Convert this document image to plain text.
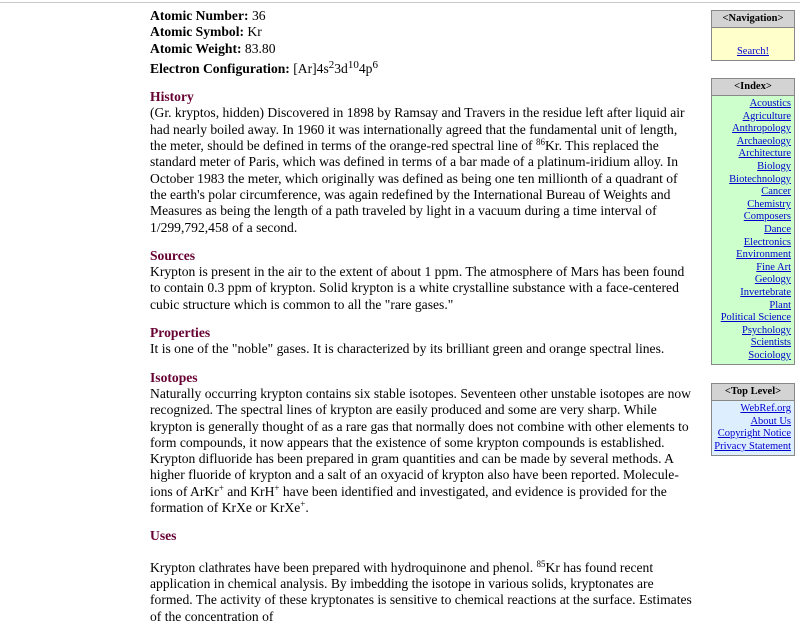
Atomic Number: 36
Atomic Symbol: Kr
Atomic Weight: 83.80
Electron Configuration: $[Ar]4s^23d^{10}4p^6$
History

(Gr. kryptos, hidden) Discovered in 1898 by Ramsay and Travers in the residue left after liquid air had nearly boiled away. In 1960 it was internationally agreed that the fundamental unit of length, the meter, should be defined in terms of the orange-red spectral line of $^{86}$Kr. This replaced the standard meter of Paris, which was defined in terms of a bar made of a platinum-iridium alloy. In October 1983 the meter, which originally was defined as being one ten millionth of a quadrant of the earth's polar circumference, was again redefined by the International Bureau of Weights and Measures as being the length of a path traveled by light in a vacuum during a time interval of 1/299,792,458 of a second.

Sources

Krypton is present in the air to the extent of about 1 ppm. The atmosphere of Mars has been found to contain 0.3 ppm of krypton. Solid krypton is a white crystalline substance with a face-centered cubic structure which is common to all the "rare gases."

Properties

It is one of the "noble" gases. It is characterized by its brilliant green and orange spectral lines.

Isotopes

Naturally occurring krypton contains six stable isotopes. Seventeen other unstable isotopes are now recognized. The spectral lines of krypton are easily produced and some are very sharp. While krypton is generally thought of as a rare gas that normally does not combine with other elements to form compounds, it now appears that the existence of some krypton compounds is established. Krypton difluoride has been prepared in gram quantities and can be made by several methods. A higher fluoride of krypton and a salt of an oxyacid of krypton also have been reported. Molecule-ions of ArKr+ and KrH+ have been identified and investigated, and evidence is provided for the formation of KrXe or KrXe+.

Uses

Krypton clathrates have been prepared with hydroquinone and phenol. $^{85}$Kr has found recent application in chemical analysis. By imbedding the isotope in various solids, kryptonates are formed. The activity of these kryptonates is sensitive to chemical reactions at the surface. Estimates of the concentration of

<Navigation>
Search!
<Index>
Acoustics
Agriculture
Anthropology
Archaeology
Architecture
Biology
Biotechnology
Cancer
Chemistry
Composers
Dance
Electronics
Environment
Fine Art
Geology
Invertebrate
Plant
Political Science
Psychology
Scientists
Sociology
<Top Level>
WebRef.org
About Us
Copyright Notice
Privacy Statement
